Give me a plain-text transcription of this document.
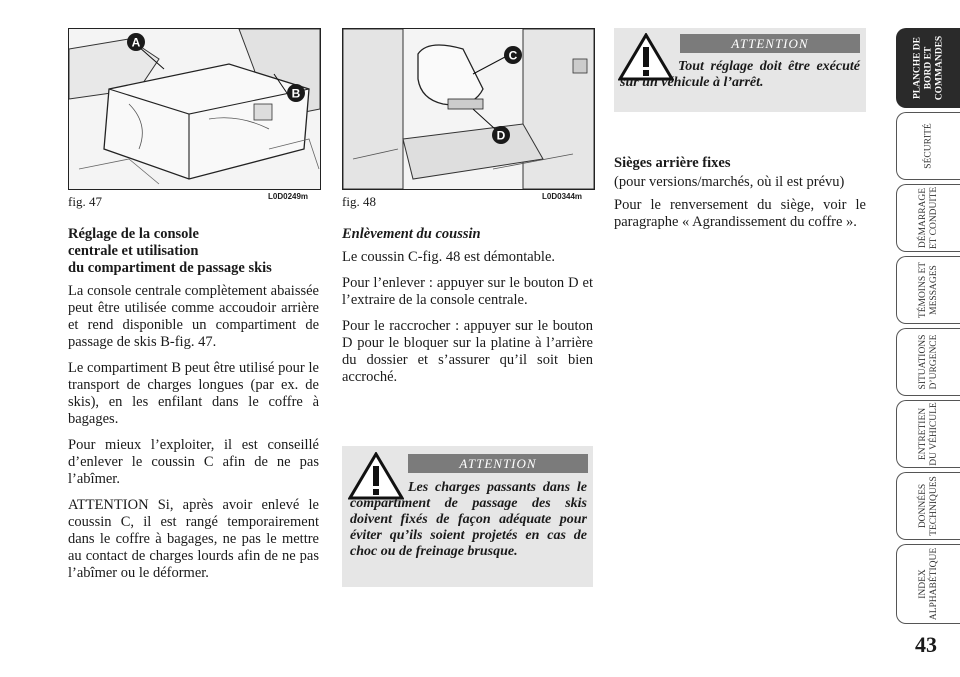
A
B
fig. 47	L0D0249m
C
D
fig. 48	L0D0344m
Réglage de la console
centrale et utilisation
du compartiment de passage skis

La console centrale complètement abaissée peut être utilisée comme accoudoir arrière et rend disponible un compartiment de passage de skis B-fig. 47.

Le compartiment B peut être utilisé pour le transport de charges longues (par ex. de skis), en les enfilant dans le coffre à bagages.

Pour mieux l’exploiter, il est conseillé d’enlever le coussin C afin de ne pas l’abîmer.

ATTENTION Si, après avoir enlevé le coussin C, il est rangé temporairement dans le coffre à bagages, ne pas le mettre au contact de charges lourds afin de ne pas l’abîmer ou le déformer.

Enlèvement du coussin

Le coussin C-fig. 48 est démontable.

Pour l’enlever : appuyer sur le bouton D et l’extraire de la console centrale.

Pour le raccrocher : appuyer sur le bouton D pour le bloquer sur la platine à l’arrière du dossier et s’assurer qu’il soit bien accroché.

ATTENTION
Les charges passants dans le compartiment de passage des skis doivent fixés de façon adéquate pour éviter qu’ils soient projetés en cas de choc ou de freinage brusque.
ATTENTION
Tout réglage doit être exécuté sur un véhicule à l’arrêt.
Sièges arrière fixes

(pour versions/marchés, où il est prévu)

Pour le renversement du siège, voir le paragraphe « Agrandissement du coffre ».

PLANCHE DE
BORD ET
COMMANDES
SÉCURITÉ
DÉMARRAGE
ET CONDUITE
TÉMOINS ET
MESSAGES
SITUATIONS
D’URGENCE
ENTRETIEN
DU VÉHICULE
DONNÉES
TECHNIQUES
INDEX
ALPHABÉTIQUE
43
